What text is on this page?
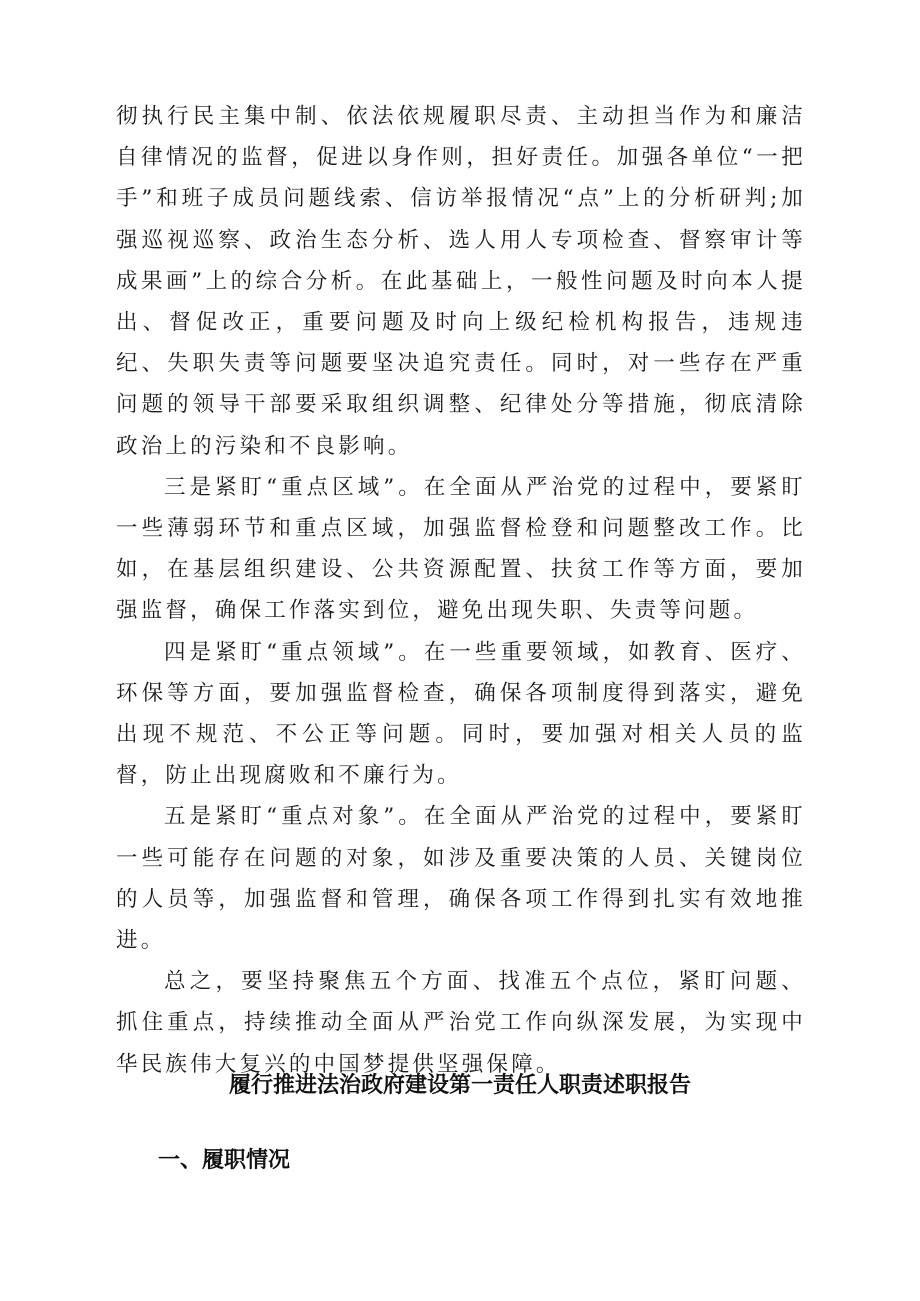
彻执行民主集中制、依法依规履职尽责、主动担当作为和廉洁自律情况的监督，促进以身作则，担好责任。加强各单位“一把手”和班子成员问题线索、信访举报情况“点”上的分析研判;加强巡视巡察、政治生态分析、选人用人专项检查、督察审计等成果画”上的综合分析。在此基础上，一般性问题及时向本人提出、督促改正，重要问题及时向上级纪检机构报告，违规违纪、失职失责等问题要坚决追究责任。同时，对一些存在严重问题的领导干部要采取组织调整、纪律处分等措施，彻底清除政治上的污染和不良影响。

三是紧盯“重点区域”。在全面从严治党的过程中，要紧盯一些薄弱环节和重点区域，加强监督检登和问题整改工作。比如，在基层组织建设、公共资源配置、扶贫工作等方面，要加强监督，确保工作落实到位，避免出现失职、失责等问题。

四是紧盯“重点领域”。在一些重要领域，如教育、医疗、环保等方面，要加强监督检查，确保各项制度得到落实，避免出现不规范、不公正等问题。同时，要加强对相关人员的监督，防止出现腐败和不廉行为。

五是紧盯“重点对象”。在全面从严治党的过程中，要紧盯一些可能存在问题的对象，如涉及重要决策的人员、关键岗位的人员等，加强监督和管理，确保各项工作得到扎实有效地推进。

总之，要坚持聚焦五个方面、找准五个点位，紧盯问题、抓住重点，持续推动全面从严治党工作向纵深发展，为实现中华民族伟大复兴的中国梦提供坚强保障。

履行推进法治政府建设第一责任人职责述职报告
一、履职情况
